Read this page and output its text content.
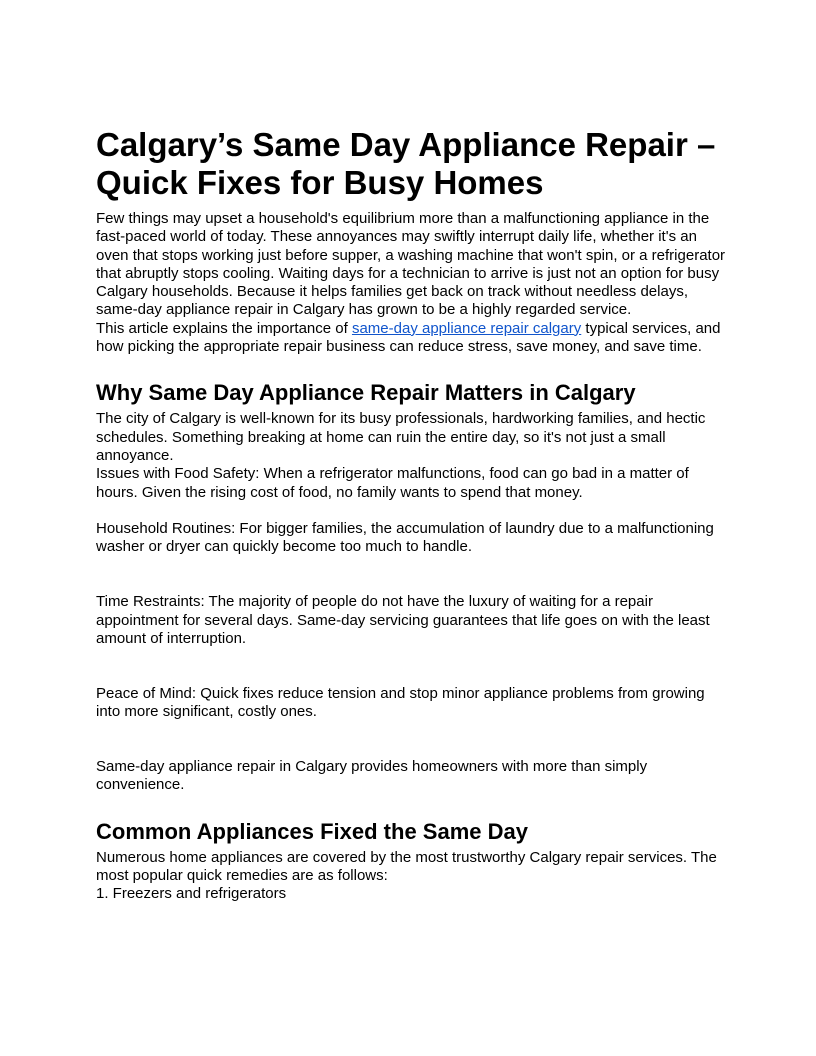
Calgary’s Same Day Appliance Repair – Quick Fixes for Busy Homes

Few things may upset a household's equilibrium more than a malfunctioning appliance in the fast-paced world of today. These annoyances may swiftly interrupt daily life, whether it's an oven that stops working just before supper, a washing machine that won't spin, or a refrigerator that abruptly stops cooling. Waiting days for a technician to arrive is just not an option for busy Calgary households. Because it helps families get back on track without needless delays, same-day appliance repair in Calgary has grown to be a highly regarded service.

This article explains the importance of same-day appliance repair calgary typical services, and how picking the appropriate repair business can reduce stress, save money, and save time.

Why Same Day Appliance Repair Matters in Calgary

The city of Calgary is well-known for its busy professionals, hardworking families, and hectic schedules. Something breaking at home can ruin the entire day, so it's not just a small annoyance.

Issues with Food Safety: When a refrigerator malfunctions, food can go bad in a matter of hours. Given the rising cost of food, no family wants to spend that money.

Household Routines: For bigger families, the accumulation of laundry due to a malfunctioning washer or dryer can quickly become too much to handle.

Time Restraints: The majority of people do not have the luxury of waiting for a repair appointment for several days. Same-day servicing guarantees that life goes on with the least amount of interruption.

Peace of Mind: Quick fixes reduce tension and stop minor appliance problems from growing into more significant, costly ones.

Same-day appliance repair in Calgary provides homeowners with more than simply convenience.

Common Appliances Fixed the Same Day

Numerous home appliances are covered by the most trustworthy Calgary repair services. The most popular quick remedies are as follows:

1. Freezers and refrigerators
